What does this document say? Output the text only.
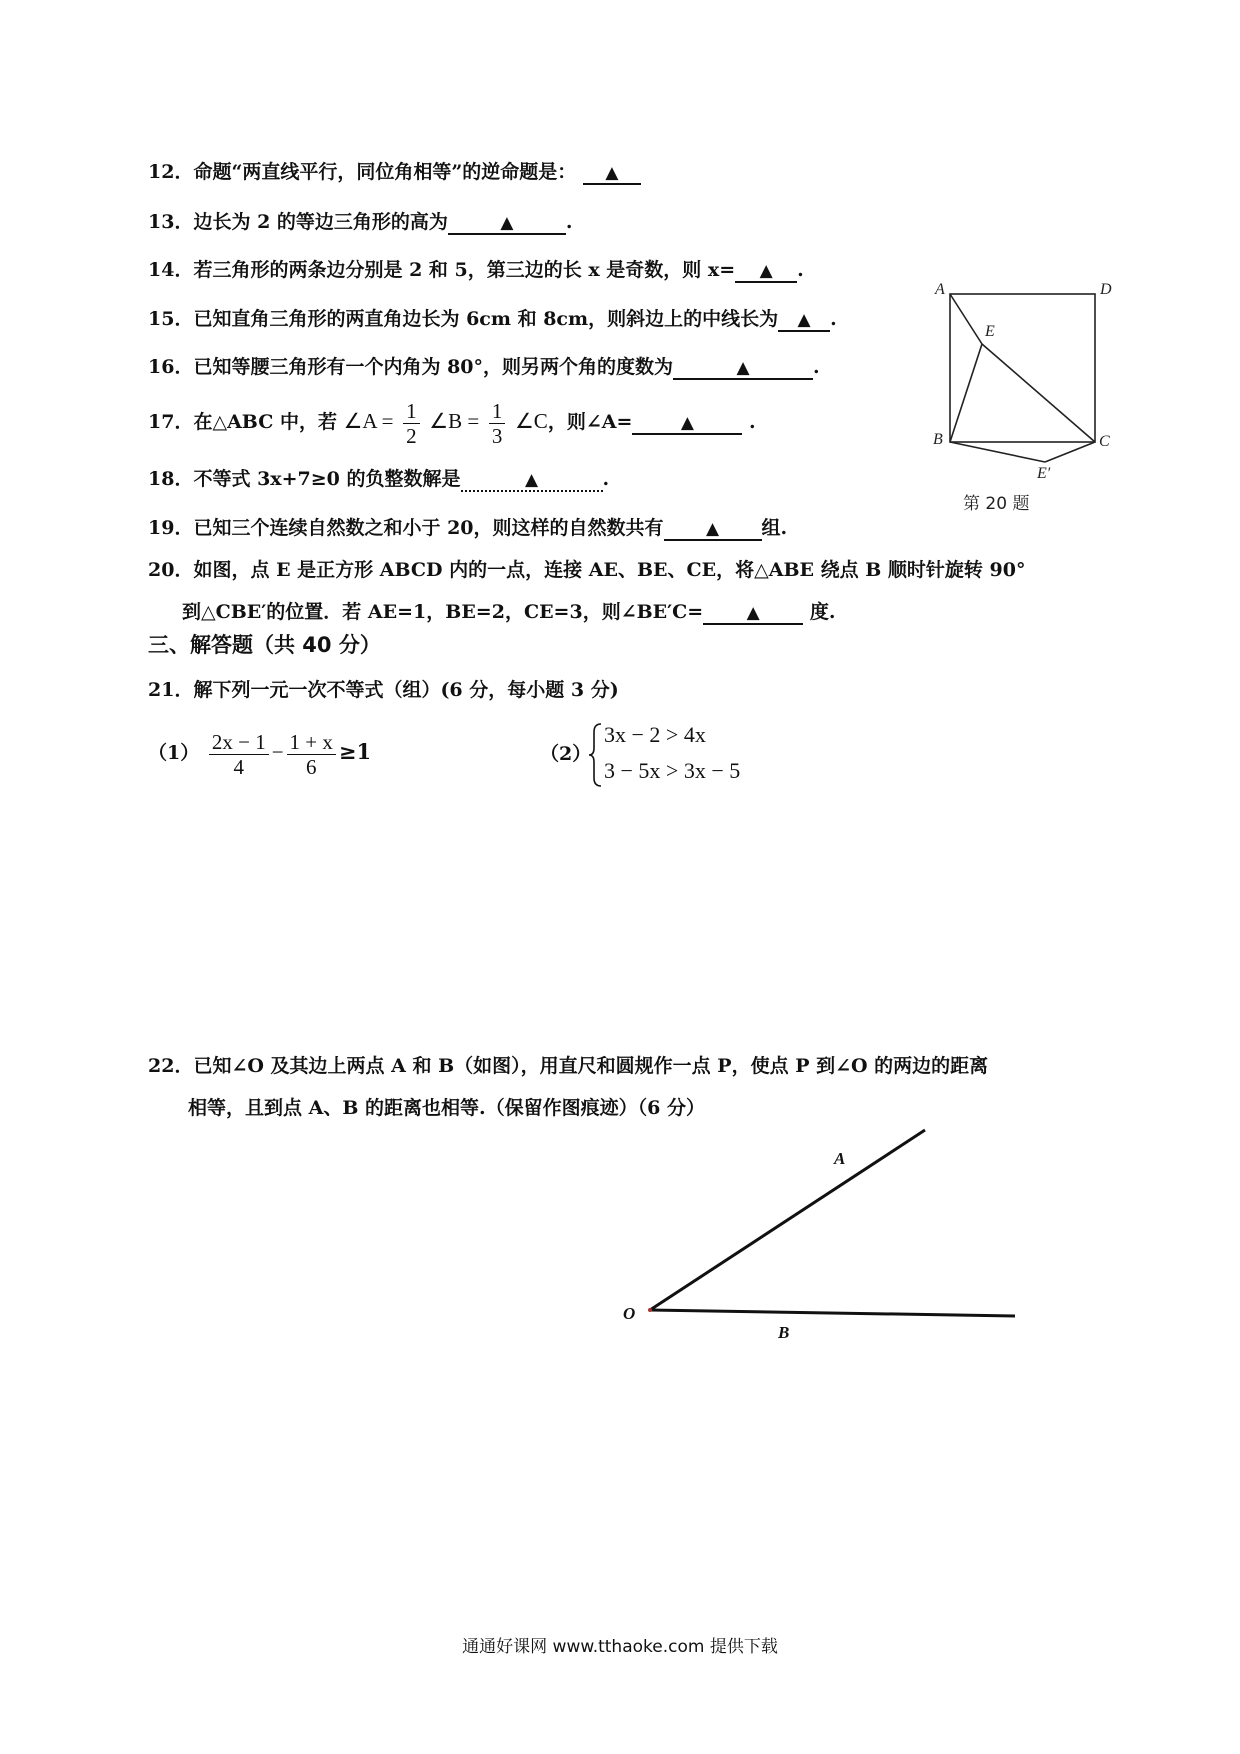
12．命题“两直线平行，同位角相等”的逆命题是： ▲
13．边长为 2 的等边三角形的高为	▲	.
14．若三角形的两条边分别是 2 和 5，第三边的长 x 是奇数，则 x= ▲ .
15．已知直角三角形的两直角边长为 6cm 和 8cm，则斜边上的中线长为 ▲ .
16．已知等腰三角形有一个内角为 80°，则另两个角的度数为	▲	.
17．在△ABC 中，若 ∠A = $\frac{1}{2}$ ∠B = $\frac{1}{3}$ ∠C，则∠A=	▲	.
18．不等式 3x+7≥0 的负整数解是	▲	.
19．已知三个连续自然数之和小于 20，则这样的自然数共有 ▲ 组.
20．如图，点 E 是正方形 ABCD 内的一点，连接 AE、BE、CE，将△ABE 绕点 B 顺时针旋转 90°
到△CBE′的位置．若 AE=1，BE=2，CE=3，则∠BE′C=	▲	度.
A	D
E
B	C
E′
第 20 题
三、解答题（共 40 分）
21．解下列一元一次不等式（组）(6 分，每小题 3 分)
$(1) \frac{2x - 1}{4} - \frac{1 + x}{6} \ge 1$	（2）
3x − 2 > 4x
3 − 5x > 3x − 5
22．已知∠O 及其边上两点 A 和 B（如图），用直尺和圆规作一点 P，使点 P 到∠O 的两边的距离
相等，且到点 A、B 的距离也相等.（保留作图痕迹）（6 分）
A
O
B
通通好课网 www.tthaoke.com 提供下载
